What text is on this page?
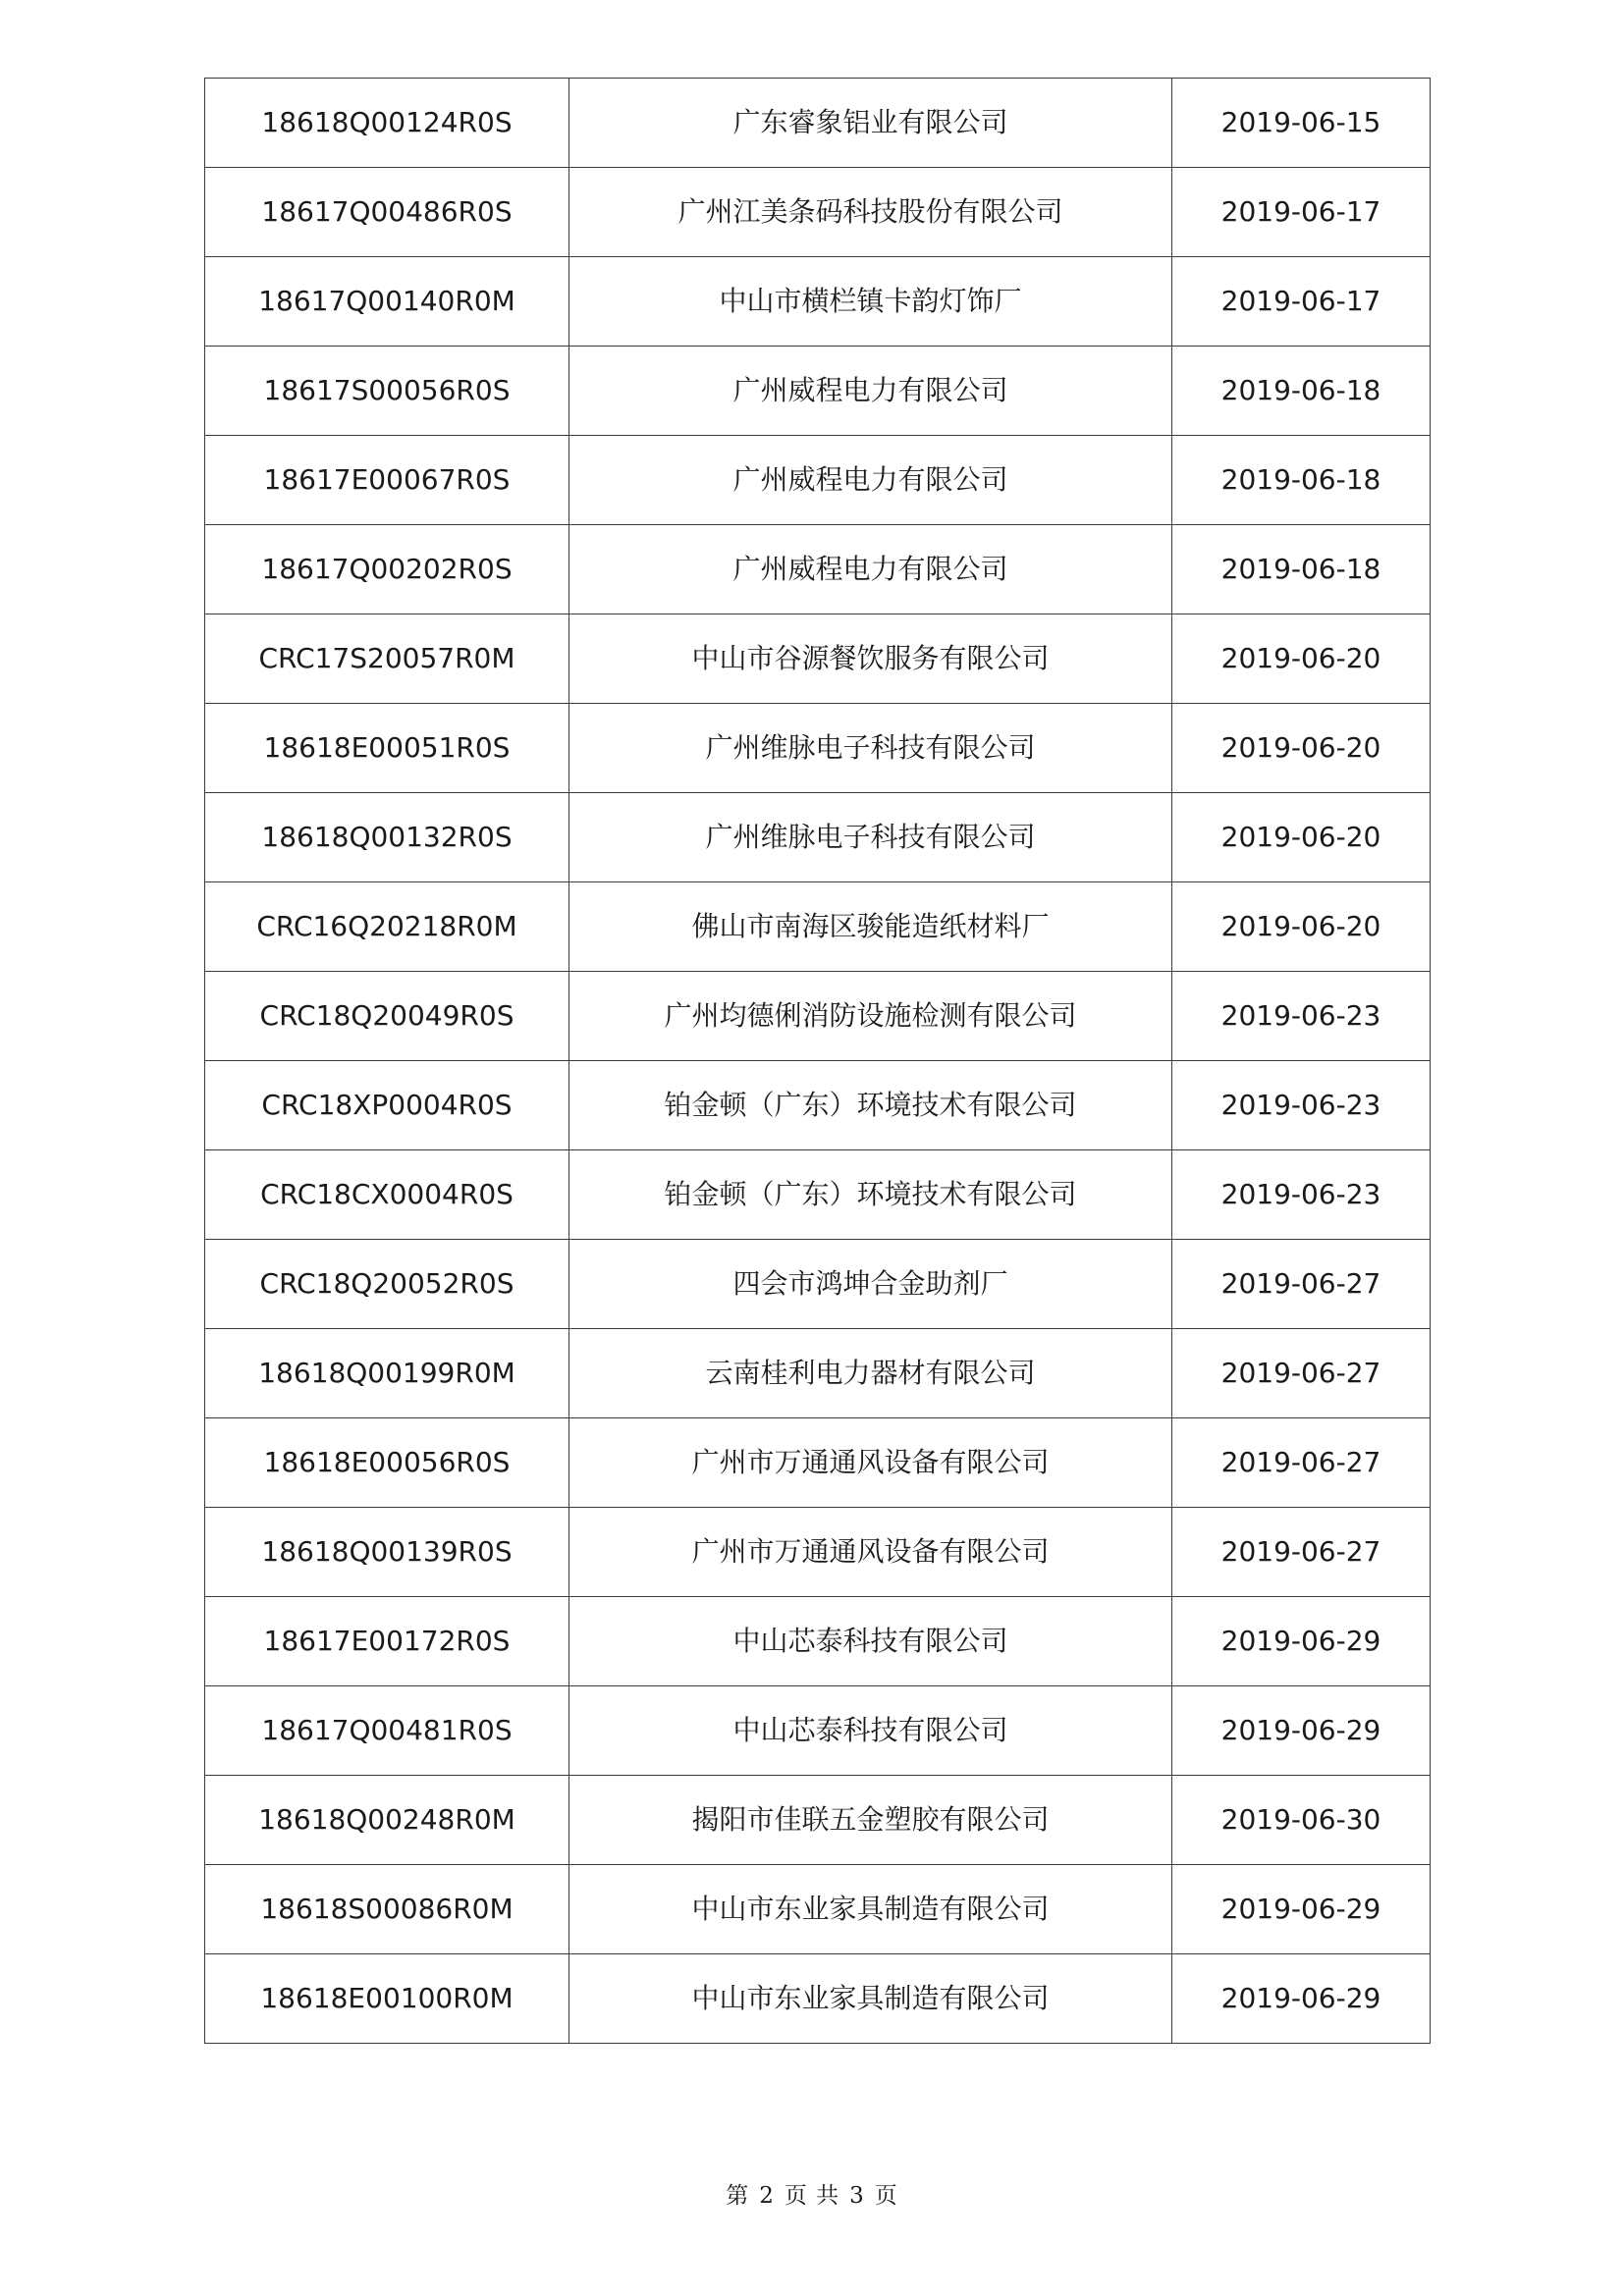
18618Q00124R0S	广东睿象铝业有限公司	2019-06-15
18617Q00486R0S	广州江美条码科技股份有限公司	2019-06-17
18617Q00140R0M	中山市横栏镇卡韵灯饰厂	2019-06-17
18617S00056R0S	广州威程电力有限公司	2019-06-18
18617E00067R0S	广州威程电力有限公司	2019-06-18
18617Q00202R0S	广州威程电力有限公司	2019-06-18
CRC17S20057R0M	中山市谷源餐饮服务有限公司	2019-06-20
18618E00051R0S	广州维脉电子科技有限公司	2019-06-20
18618Q00132R0S	广州维脉电子科技有限公司	2019-06-20
CRC16Q20218R0M	佛山市南海区骏能造纸材料厂	2019-06-20
CRC18Q20049R0S	广州均德俐消防设施检测有限公司	2019-06-23
CRC18XP0004R0S	铂金顿（广东）环境技术有限公司	2019-06-23
CRC18CX0004R0S	铂金顿（广东）环境技术有限公司	2019-06-23
CRC18Q20052R0S	四会市鸿坤合金助剂厂	2019-06-27
18618Q00199R0M	云南桂利电力器材有限公司	2019-06-27
18618E00056R0S	广州市万通通风设备有限公司	2019-06-27
18618Q00139R0S	广州市万通通风设备有限公司	2019-06-27
18617E00172R0S	中山芯泰科技有限公司	2019-06-29
18617Q00481R0S	中山芯泰科技有限公司	2019-06-29
18618Q00248R0M	揭阳市佳联五金塑胶有限公司	2019-06-30
18618S00086R0M	中山市东业家具制造有限公司	2019-06-29
18618E00100R0M	中山市东业家具制造有限公司	2019-06-29
第 2 页 共 3 页
